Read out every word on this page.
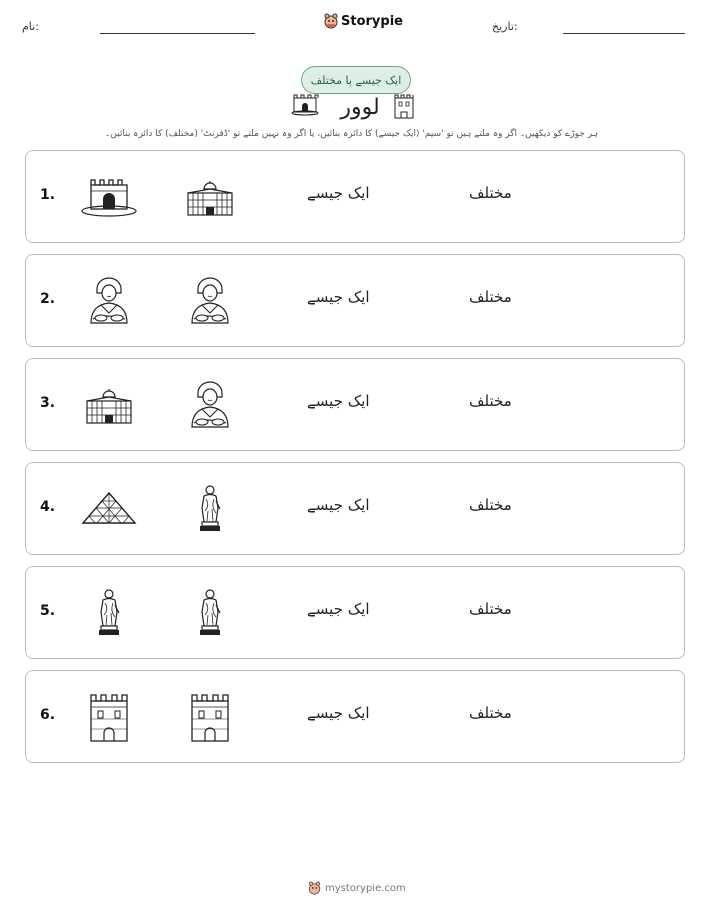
نام:	Storypie	تاریخ:
ایک جیسے یا مختلف
لوور
ہر جوڑے کو دیکھیں۔ اگر وہ ملتے ہیں تو 'سیم' (ایک جیسے) کا دائرہ بنائیں، یا اگر وہ نہیں ملتے تو 'ڈفرنٹ' (مختلف) کا دائرہ بنائیں۔
1.	ایک جیسے	مختلف
2.	ایک جیسے	مختلف
3.	ایک جیسے	مختلف
4.	ایک جیسے	مختلف
5.	ایک جیسے	مختلف
6.	ایک جیسے	مختلف
mystorypie.com
